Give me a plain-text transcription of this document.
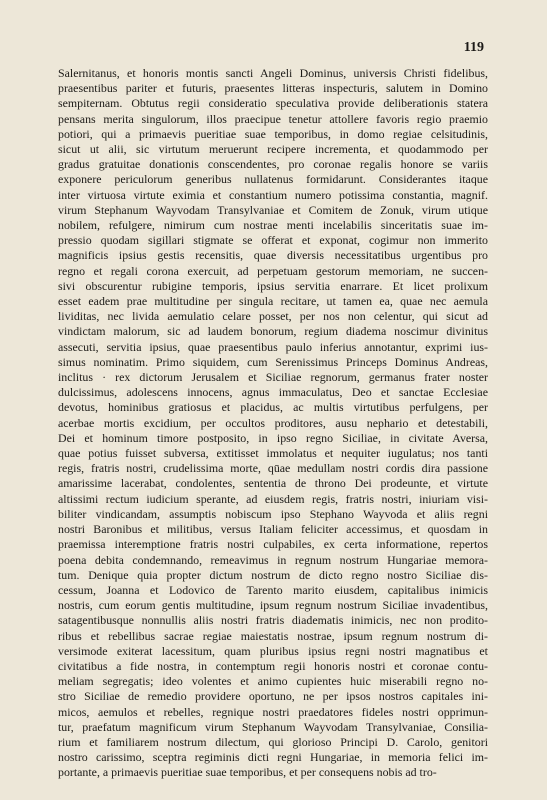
119
Salernitanus, et honoris montis sancti Angeli Dominus, universis Christi fidelibus,
praesentibus pariter et futuris, praesentes litteras inspecturis, salutem in Domino
sempiternam. Obtutus regii consideratio speculativa provide deliberationis statera
pensans merita singulorum, illos praecipue tenetur attollere favoris regio praemio
potiori, qui a primaevis pueritiae suae temporibus, in domo regiae celsitudinis,
sicut ut alii, sic virtutum meruerunt recipere incrementa, et quodammodo per
gradus gratuitae donationis conscendentes, pro coronae regalis honore se variis
exponere periculorum generibus nullatenus formidarunt. Considerantes itaque
inter virtuosa virtute eximia et constantium numero potissima constantia, magnif.
virum Stephanum Wayvodam Transylvaniae et Comitem de Zonuk, virum utique
nobilem, refulgere, nimirum cum nostrae menti incelabilis sinceritatis suae im-
pressio quodam sigillari stigmate se offerat et exponat, cogimur non immerito
magnificis ipsius gestis recensitis, quae diversis necessitatibus urgentibus pro
regno et regali corona exercuit, ad perpetuam gestorum memoriam, ne succen-
sivi obscurentur rubigine temporis, ipsius servitia enarrare. Et licet prolixum
esset eadem prae multitudine per singula recitare, ut tamen ea, quae nec aemula
lividitas, nec livida aemulatio celare posset, per nos non celentur, qui sicut ad
vindictam malorum, sic ad laudem bonorum, regium diadema noscimur divinitus
assecuti, servitia ipsius, quae praesentibus paulo inferius annotantur, exprimi ius-
simus nominatim. Primo siquidem, cum Serenissimus Princeps Dominus Andreas,
inclitus · rex dictorum Jerusalem et Siciliae regnorum, germanus frater noster
dulcissimus, adolescens innocens, agnus immaculatus, Deo et sanctae Ecclesiae
devotus, hominibus gratiosus et placidus, ac multis virtutibus perfulgens, per
acerbae mortis excidium, per occultos proditores, ausu nephario et detestabili,
Dei et hominum timore postposito, in ipso regno Siciliae, in civitate Aversa,
quae potius fuisset subversa, extitisset immolatus et nequiter iugulatus; nos tanti
regis, fratris nostri, crudelissima morte, qūae medullam nostri cordis dira passione
amarissime lacerabat, condolentes, sententia de throno Dei prodeunte, et virtute
altissimi rectum iudicium sperante, ad eiusdem regis, fratris nostri, iniuriam visi-
biliter vindicandam, assumptis nobiscum ipso Stephano Wayvoda et aliis regni
nostri Baronibus et militibus, versus Italiam feliciter accessimus, et quosdam in
praemissa interemptione fratris nostri culpabiles, ex certa informatione, repertos
poena debita condemnando, remeavimus in regnum nostrum Hungariae memora-
tum. Denique quia propter dictum nostrum de dicto regno nostro Siciliae dis-
cessum, Joanna et Lodovico de Tarento marito eiusdem, capitalibus inimicis
nostris, cum eorum gentis multitudine, ipsum regnum nostrum Siciliae invadentibus,
satagentibusque nonnullis aliis nostri fratris diadematis inimicis, nec non prodito-
ribus et rebellibus sacrae regiae maiestatis nostrae, ipsum regnum nostrum di-
versimode exiterat lacessitum, quam pluribus ipsius regni nostri magnatibus et
civitatibus a fide nostra, in contemptum regii honoris nostri et coronae contu-
meliam segregatis; ideo volentes et animo cupientes huic miserabili regno no-
stro Siciliae de remedio providere oportuno, ne per ipsos nostros capitales ini-
micos, aemulos et rebelles, regnique nostri praedatores fideles nostri opprimun-
tur, praefatum magnificum virum Stephanum Wayvodam Transylvaniae, Consilia-
rium et familiarem nostrum dilectum, qui glorioso Principi D. Carolo, genitori
nostro carissimo, sceptra regiminis dicti regni Hungariae, in memoria felici im-
portante, a primaevis pueritiae suae temporibus, et per consequens nobis ad tro-
